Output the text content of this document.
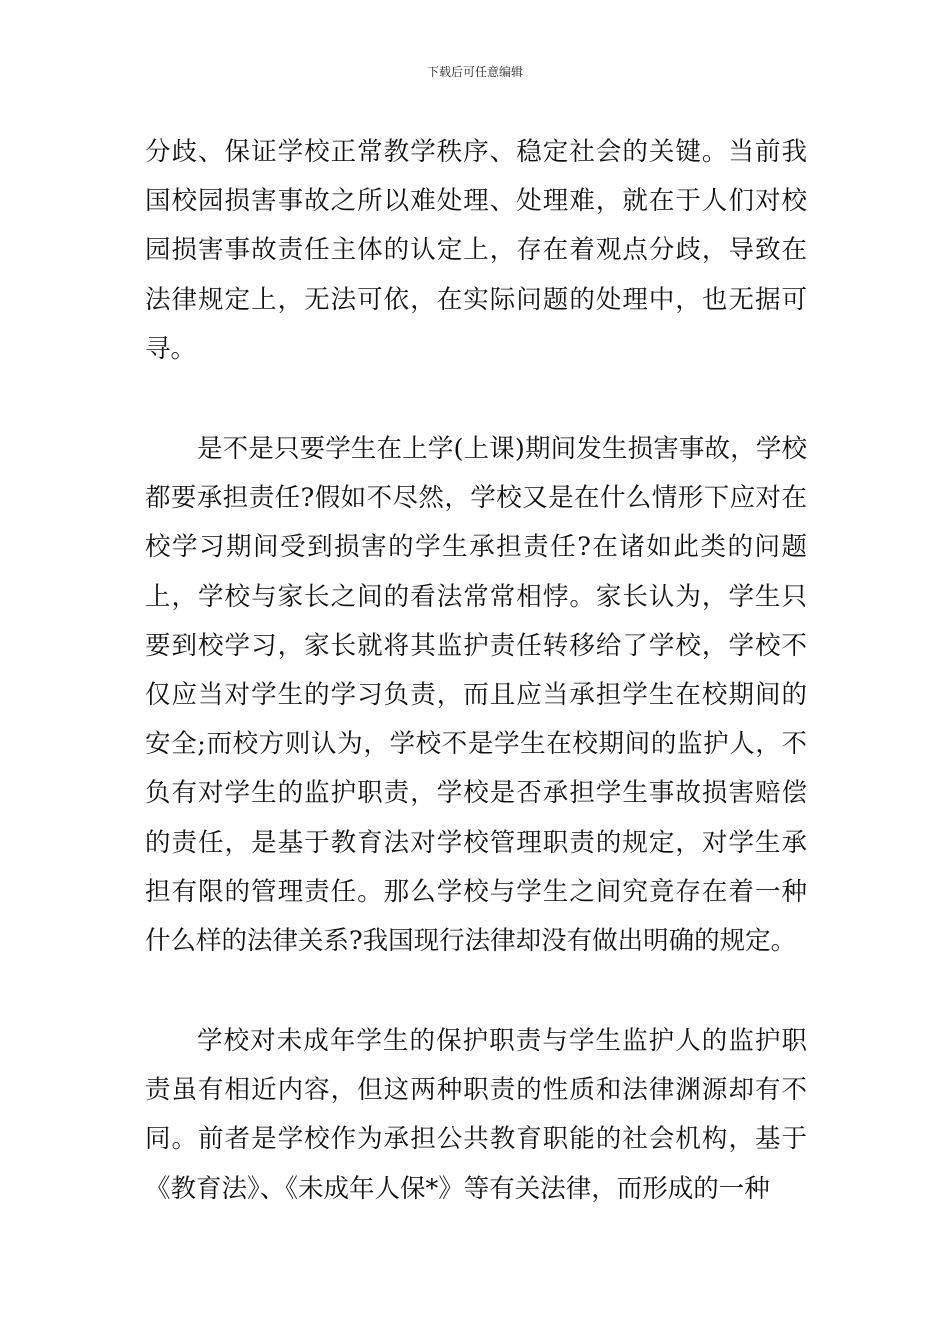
下载后可任意编辑

分歧、保证学校正常教学秩序、稳定社会的关键。当前我国校园损害事故之所以难处理、处理难，就在于人们对校园损害事故责任主体的认定上，存在着观点分歧，导致在法律规定上，无法可依，在实际问题的处理中，也无据可寻。

是不是只要学生在上学(上课)期间发生损害事故，学校都要承担责任?假如不尽然，学校又是在什么情形下应对在校学习期间受到损害的学生承担责任?在诸如此类的问题上，学校与家长之间的看法常常相悖。家长认为，学生只要到校学习，家长就将其监护责任转移给了学校，学校不仅应当对学生的学习负责，而且应当承担学生在校期间的安全;而校方则认为，学校不是学生在校期间的监护人，不负有对学生的监护职责，学校是否承担学生事故损害赔偿的责任，是基于教育法对学校管理职责的规定，对学生承担有限的管理责任。那么学校与学生之间究竟存在着一种什么样的法律关系?我国现行法律却没有做出明确的规定。

学校对未成年学生的保护职责与学生监护人的监护职责虽有相近内容，但这两种职责的性质和法律渊源却有不同。前者是学校作为承担公共教育职能的社会机构，基于《教育法》、《未成年人保*》等有关法律，而形成的一种
